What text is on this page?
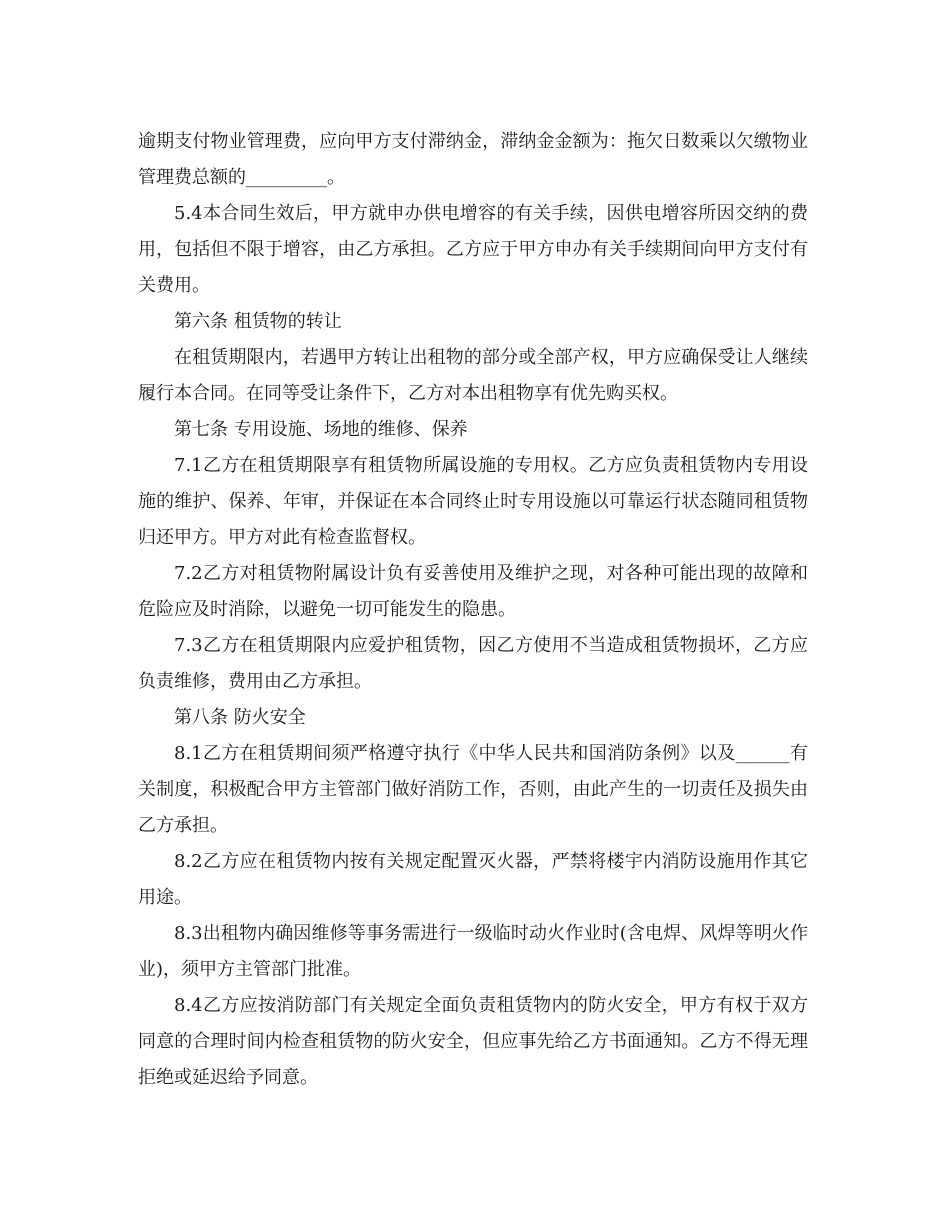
逾期支付物业管理费，应向甲方支付滞纳金，滞纳金金额为：拖欠日数乘以欠缴物业管理费总额的_________。

5.4本合同生效后，甲方就申办供电增容的有关手续，因供电增容所因交纳的费用，包括但不限于增容，由乙方承担。乙方应于甲方申办有关手续期间向甲方支付有关费用。

第六条 租赁物的转让

在租赁期限内，若遇甲方转让出租物的部分或全部产权，甲方应确保受让人继续履行本合同。在同等受让条件下，乙方对本出租物享有优先购买权。

第七条 专用设施、场地的维修、保养

7.1乙方在租赁期限享有租赁物所属设施的专用权。乙方应负责租赁物内专用设施的维护、保养、年审，并保证在本合同终止时专用设施以可靠运行状态随同租赁物归还甲方。甲方对此有检查监督权。

7.2乙方对租赁物附属设计负有妥善使用及维护之现，对各种可能出现的故障和危险应及时消除，以避免一切可能发生的隐患。

7.3乙方在租赁期限内应爱护租赁物，因乙方使用不当造成租赁物损坏，乙方应负责维修，费用由乙方承担。

第八条 防火安全

8.1乙方在租赁期间须严格遵守执行《中华人民共和国消防条例》以及______有关制度，积极配合甲方主管部门做好消防工作，否则，由此产生的一切责任及损失由乙方承担。

8.2乙方应在租赁物内按有关规定配置灭火器，严禁将楼宇内消防设施用作其它用途。

8.3出租物内确因维修等事务需进行一级临时动火作业时(含电焊、风焊等明火作业)，须甲方主管部门批准。

8.4乙方应按消防部门有关规定全面负责租赁物内的防火安全，甲方有权于双方同意的合理时间内检查租赁物的防火安全，但应事先给乙方书面通知。乙方不得无理拒绝或延迟给予同意。
